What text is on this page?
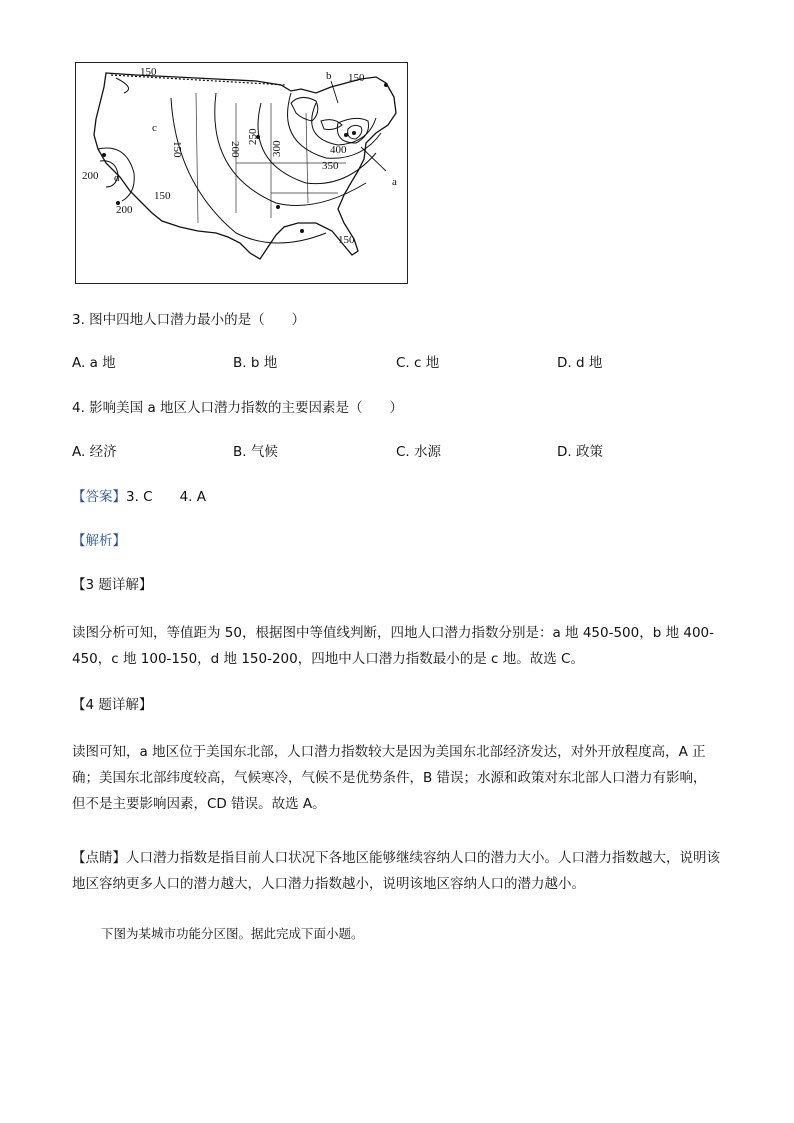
150	150
150
150
150	200
200
200
250
300
350
400
a
b
c
d
3. 图中四地人口潜力最小的是（　　）
A. a 地	B. b 地	C. c 地	D. d 地
4. 影响美国 a 地区人口潜力指数的主要因素是（　　）
A. 经济	B. 气候	C. 水源	D. 政策
【答案】3. C　　4. A
【解析】
【3 题详解】
读图分析可知，等值距为 50，根据图中等值线判断，四地人口潜力指数分别是：a 地 450-500，b 地 400-450，c 地 100-150，d 地 150-200，四地中人口潜力指数最小的是 c 地。故选 C。
【4 题详解】
读图可知，a 地区位于美国东北部，人口潜力指数较大是因为美国东北部经济发达，对外开放程度高，A 正确；美国东北部纬度较高，气候寒冷，气候不是优势条件，B 错误；水源和政策对东北部人口潜力有影响，但不是主要影响因素，CD 错误。故选 A。
【点睛】人口潜力指数是指目前人口状况下各地区能够继续容纳人口的潜力大小。人口潜力指数越大，说明该地区容纳更多人口的潜力越大，人口潜力指数越小，说明该地区容纳人口的潜力越小。
下图为某城市功能分区图。据此完成下面小题。
